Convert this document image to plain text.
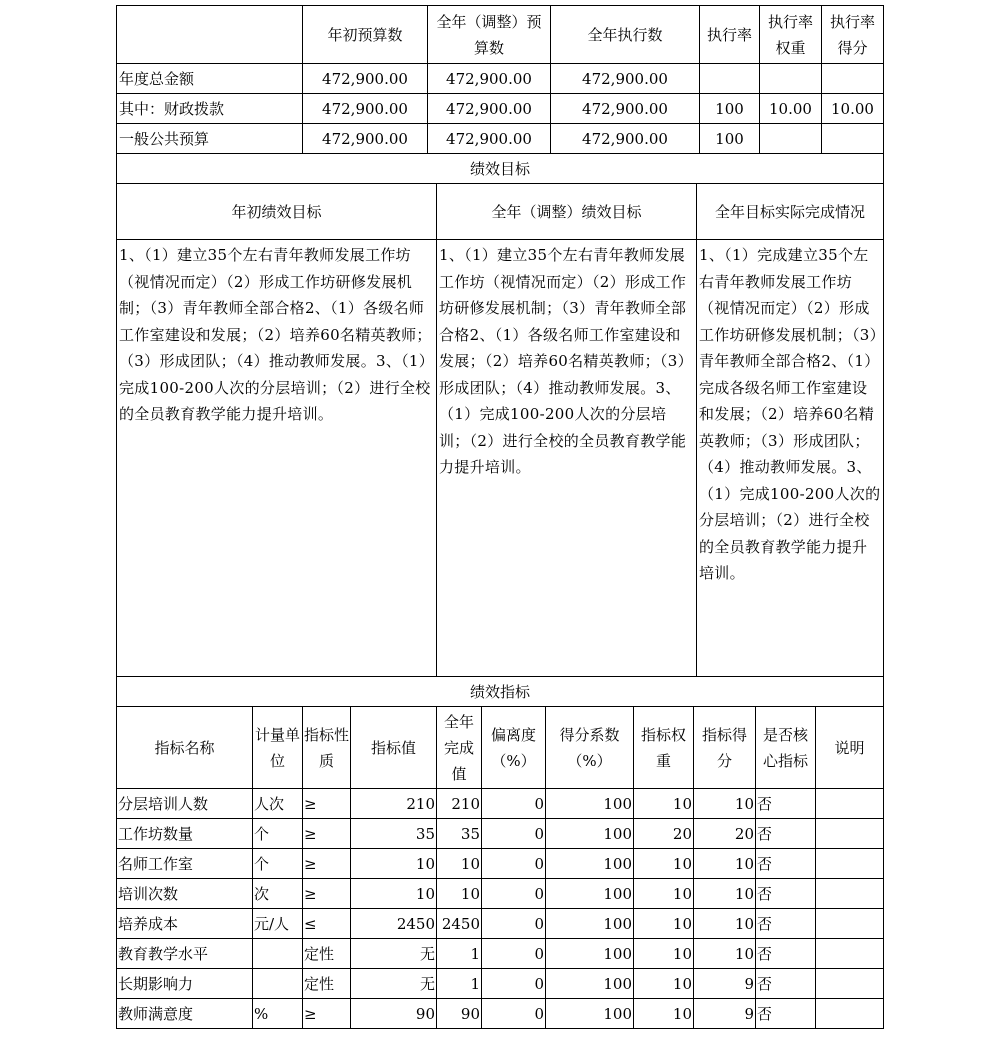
	年初预算数	全年（调整）预算数	全年执行数	执行率	执行率权重	执行率得分
年度总金额	472,900.00	472,900.00	472,900.00			
其中：财政拨款	472,900.00	472,900.00	472,900.00	100	10.00	10.00
一般公共预算	472,900.00	472,900.00	472,900.00	100		
绩效目标		
年初绩效目标	全年（调整）绩效目标	全年目标实际完成情况
1、（1）建立35个左右青年教师发展工作坊（视情况而定）（2）形成工作坊研修发展机制；（3）青年教师全部合格2、（1）各级名师工作室建设和发展；（2）培养60名精英教师；（3）形成团队；（4）推动教师发展。3、（1）完成100-200人次的分层培训；（2）进行全校的全员教育教学能力提升培训。	1、（1）建立35个左右青年教师发展工作坊（视情况而定）（2）形成工作坊研修发展机制；（3）青年教师全部合格2、（1）各级名师工作室建设和发展；（2）培养60名精英教师；（3）形成团队；（4）推动教师发展。3、（1）完成100-200人次的分层培训；（2）进行全校的全员教育教学能力提升培训。	1、（1）完成建立35个左右青年教师发展工作坊（视情况而定）（2）形成工作坊研修发展机制；（3）青年教师全部合格2、（1）完成各级名师工作室建设和发展；（2）培养60名精英教师；（3）形成团队；（4）推动教师发展。3、（1）完成100-200人次的分层培训；（2）进行全校的全员教育教学能力提升培训。
绩效指标		
指标名称	计量单位	指标性质	指标值	全年完成值	偏离度（%）	得分系数（%）	指标权重	指标得分	是否核心指标	说明
分层培训人数	人次	≥	210	210	0	100	10	10	否	
工作坊数量	个	≥	35	35	0	100	20	20	否	
名师工作室	个	≥	10	10	0	100	10	10	否	
培训次数	次	≥	10	10	0	100	10	10	否	
培养成本	元/人	≤	2450	2450	0	100	10	10	否	
教育教学水平		定性	无	1	0	100	10	10	否	
长期影响力		定性	无	1	0	100	10	9	否	
教师满意度	%	≥	90	90	0	100	10	9	否	
